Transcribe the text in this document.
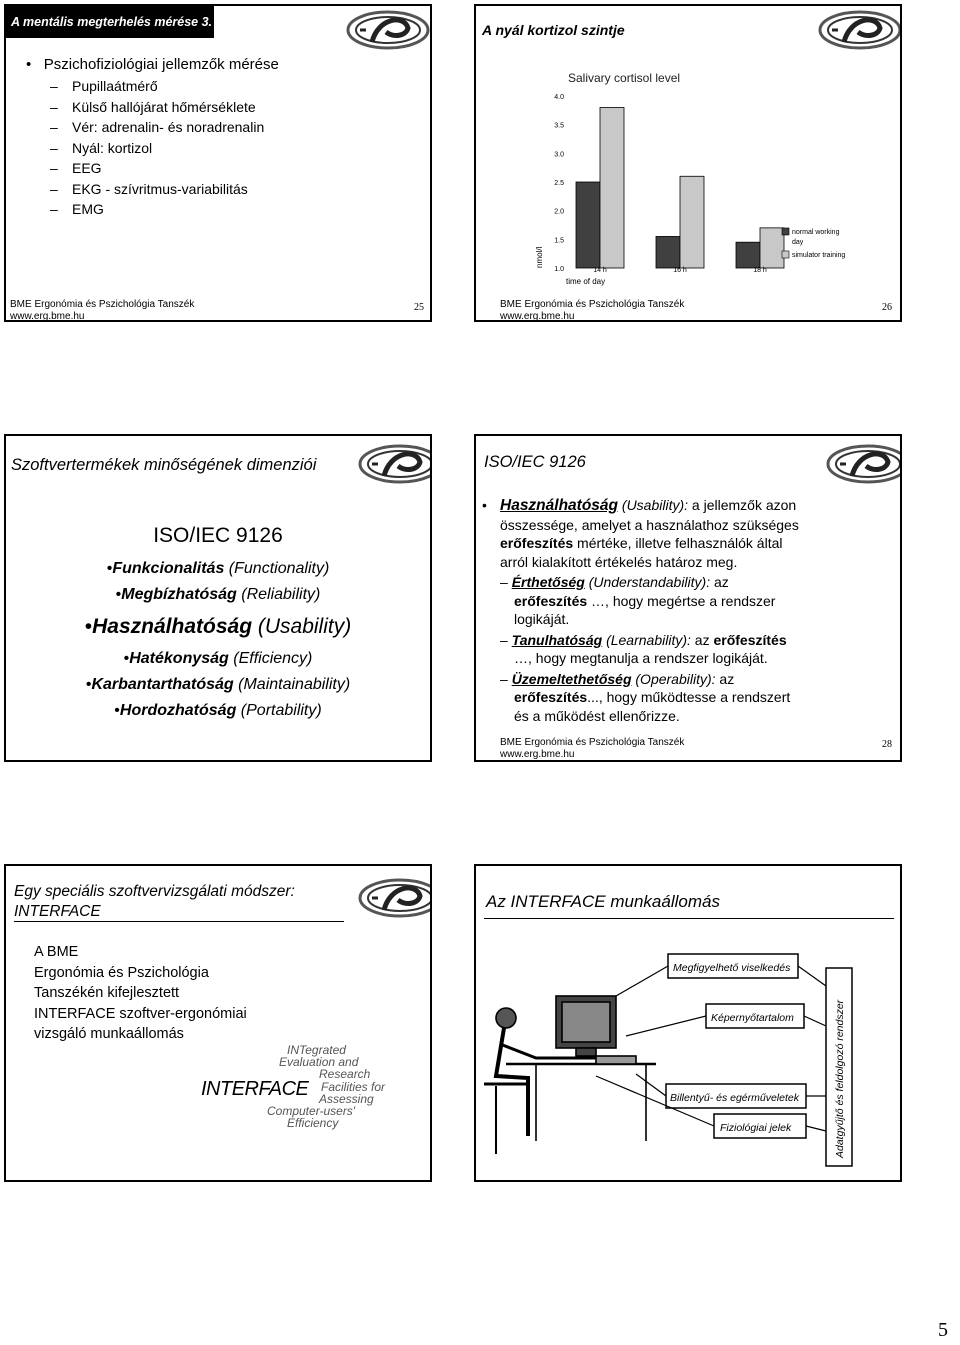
A mentális megterhelés mérése 3.
•   Pszichofiziológiai jellemzők mérése
– Pupillaátmérő
– Külső hallójárat hőmérséklete
– Vér: adrenalin- és noradrenalin
– Nyál: kortizol
– EEG
– EKG - szívritmus-variabilitás
– EMG
BME Ergonómia és Pszichológia Tanszék
www.erg.bme.hu
25
A nyál kortizol szintje
Salivary cortisol level
nmol/l
time of day
4.0
3.5
3.0
2.5
2.0
1.5
1.0	14 h	16 h	18 h
normal working
day
simulator training
BME Ergonómia és Pszichológia Tanszék
www.erg.bme.hu
26
Szoftvertermékek minőségének dimenziói
ISO/IEC 9126
•Funkcionalitás (Functionality)
•Megbízhatóság (Reliability)
•Használhatóság (Usability)
•Hatékonyság (Efficiency)
•Karbantarthatóság (Maintainability)
•Hordozhatóság (Portability)
ISO/IEC 9126
• Használhatóság (Usability): a jellemzők azon

összessége, amelyet a használathoz szükséges

erőfeszítés mértéke, illetve felhasználók által

arról kialakított értékelés határoz meg.

– Érthetőség (Understandability): az

erőfeszítés …, hogy megértse a rendszer

logikáját.

– Tanulhatóság (Learnability): az erőfeszítés

…, hogy megtanulja a rendszer logikáját.

– Üzemeltethetőség (Operability): az

erőfeszítés..., hogy működtesse a rendszert

és a működést ellenőrizze.

BME Ergonómia és Pszichológia Tanszék
www.erg.bme.hu
28
Egy speciális szoftvervizsgálati módszer:
INTERFACE
A BME
Ergonómia és Pszichológia
Tanszékén kifejlesztett
INTERFACE szoftver-ergonómiai
vizsgáló munkaállomás
INTERFACE
INTegrated
Evaluation and
Research
Facilities for
Assessing
Computer-users'
Efficiency
Az INTERFACE munkaállomás
Megfigyelhető viselkedés
Képernyőtartalom
Billentyű- és egérműveletek
Fiziológiai jelek	Adatgyűjtő és feldolgozó rendszer
5
